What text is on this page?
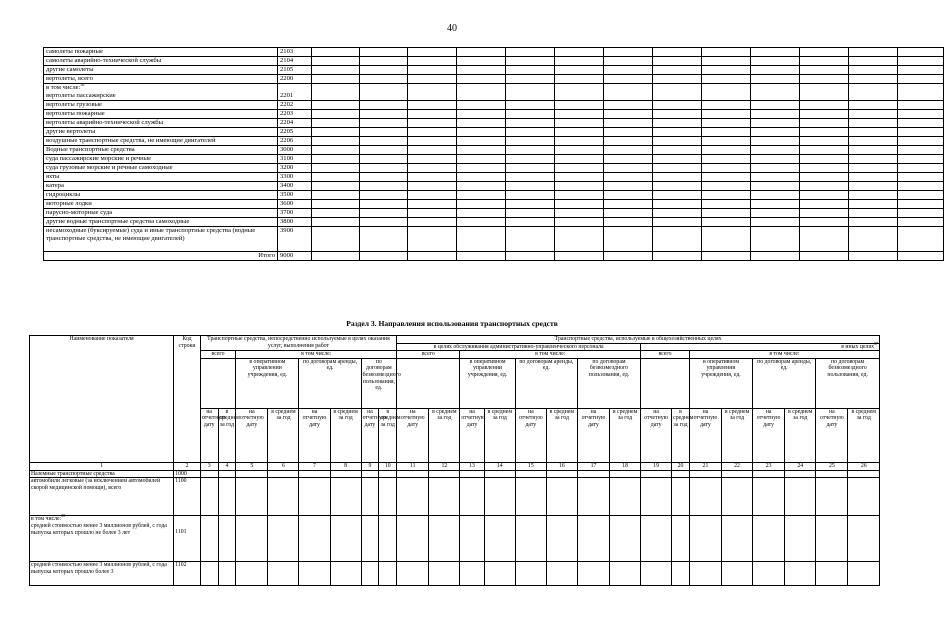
40
самолеты пожарные	2103													
самолеты аварийно-технической службы	2104													
другие самолеты	2105													
вертолеты, всего	2200													
в том числе:$^{36}$
вертолеты пассажирские	2201													
вертолеты грузовые	2202													
вертолеты пожарные	2203													
вертолеты аварийно-технической службы	2204													
другие вертолеты	2205													
воздушные транспортные средства, не имеющие двигателей	2206													
Водные транспортные средства	3000													
суда пассажирские морские и речные	3100													
суда грузовые морские и речные самоходные	3200													
яхты	3300													
катера	3400													
гидроциклы	3500													
моторные лодки	3600													
парусно-моторные суда	3700													
другие водные транспортные средства самоходные	3800													
несамоходные (буксируемые) суда и иные транспортные средства (водные транспортные средства, не имеющие двигателей)	3900													
Итого	9000													
Раздел 3. Направления использования транспортных средств
Наименование показателя	Код строки	Транспортные средства, непосредственно используемые в целях оказания услуг, выполнения работ								Транспортные средства, используемые в общехозяйственных целях															
										в целях обслуживания административно-управленческого персонала								в иных целях$^{37}$
		всего		в том числе:						всего		в том числе:						всего		в том числе:					
				в оперативном управлении учреждения, ед.		по договорам аренды, ед.		по договорам безвозмездного пользования, ед.				в оперативном управлении учреждения, ед.		по договорам аренды, ед.		по договорам безвозмездного пользования, ед.				в оперативном управлении учреждения, ед.		по договорам аренды, ед.		по договорам безвозмездного пользования, ед.	
		на отчетную дату	в среднем за год	на отчетную дату	в среднем за год	на отчетную дату	в среднем за год	на отчетную дату	в среднем за год	на отчетную дату	в среднем за год	на отчетную дату	в среднем за год	на отчетную дату	в среднем за год	на отчетную дату	в среднем за год	на отчетную дату	в среднем за год	на отчетную дату	в среднем за год	на отчетную дату	в среднем за год	на отчетную дату	в среднем за год
1	2	3	4	5	6	7	8	9	10	11	12	13	14	15	16	17	18	19	20	21	22	23	24	25	26
Наземные транспортные средства	1000																								
автомобили легковые (за исключением автомобилей скорой медицинской помощи), всего	1100																								
в том числе:$^{38}$
средней стоимостью менее 3 миллионов рублей, с года выпуска которых прошло не более 3 лет	1101																								
средней стоимостью менее 3 миллионов рублей, с года выпуска которых прошло более 3	1102																								
